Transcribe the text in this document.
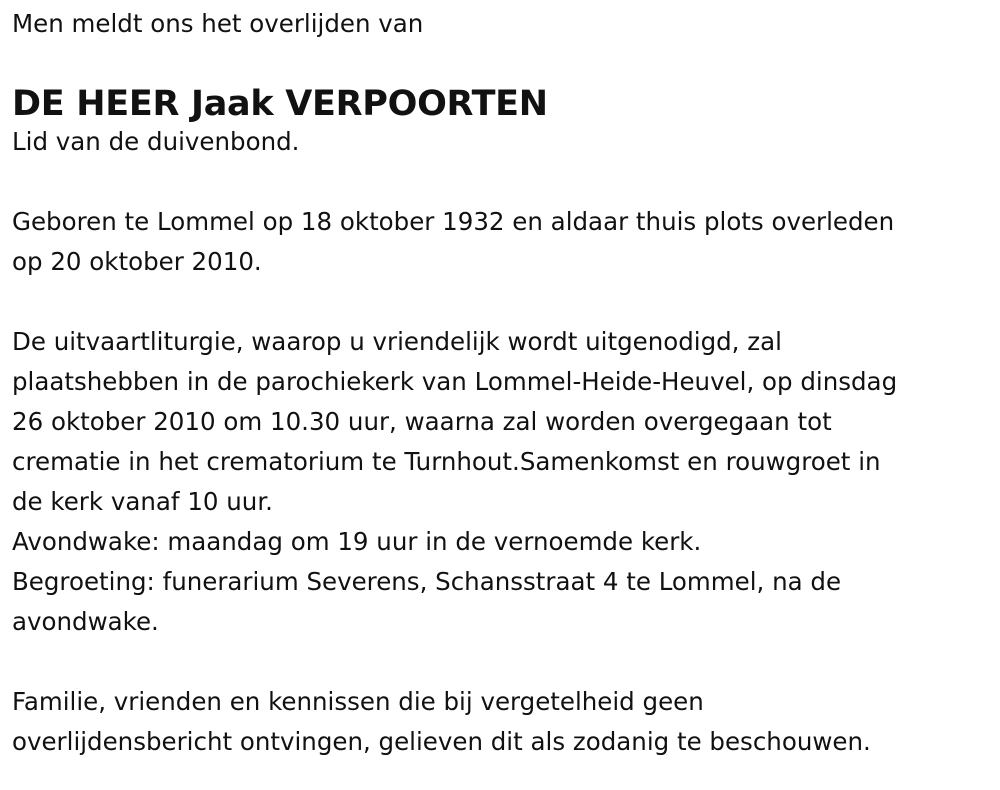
Men meldt ons het overlijden van

DE HEER Jaak VERPOORTEN

Lid van de duivenbond.

Geboren te Lommel op 18 oktober 1932 en aldaar thuis plots overleden

op 20 oktober 2010.

De uitvaartliturgie, waarop u vriendelijk wordt uitgenodigd, zal

plaatshebben in de parochiekerk van Lommel-Heide-Heuvel, op dinsdag

26 oktober 2010 om 10.30 uur, waarna zal worden overgegaan tot

crematie in het crematorium te Turnhout.Samenkomst en rouwgroet in

de kerk vanaf 10 uur.

Avondwake: maandag om 19 uur in de vernoemde kerk.

Begroeting: funerarium Severens, Schansstraat 4 te Lommel, na de

avondwake.

Familie, vrienden en kennissen die bij vergetelheid geen

overlijdensbericht ontvingen, gelieven dit als zodanig te beschouwen.
